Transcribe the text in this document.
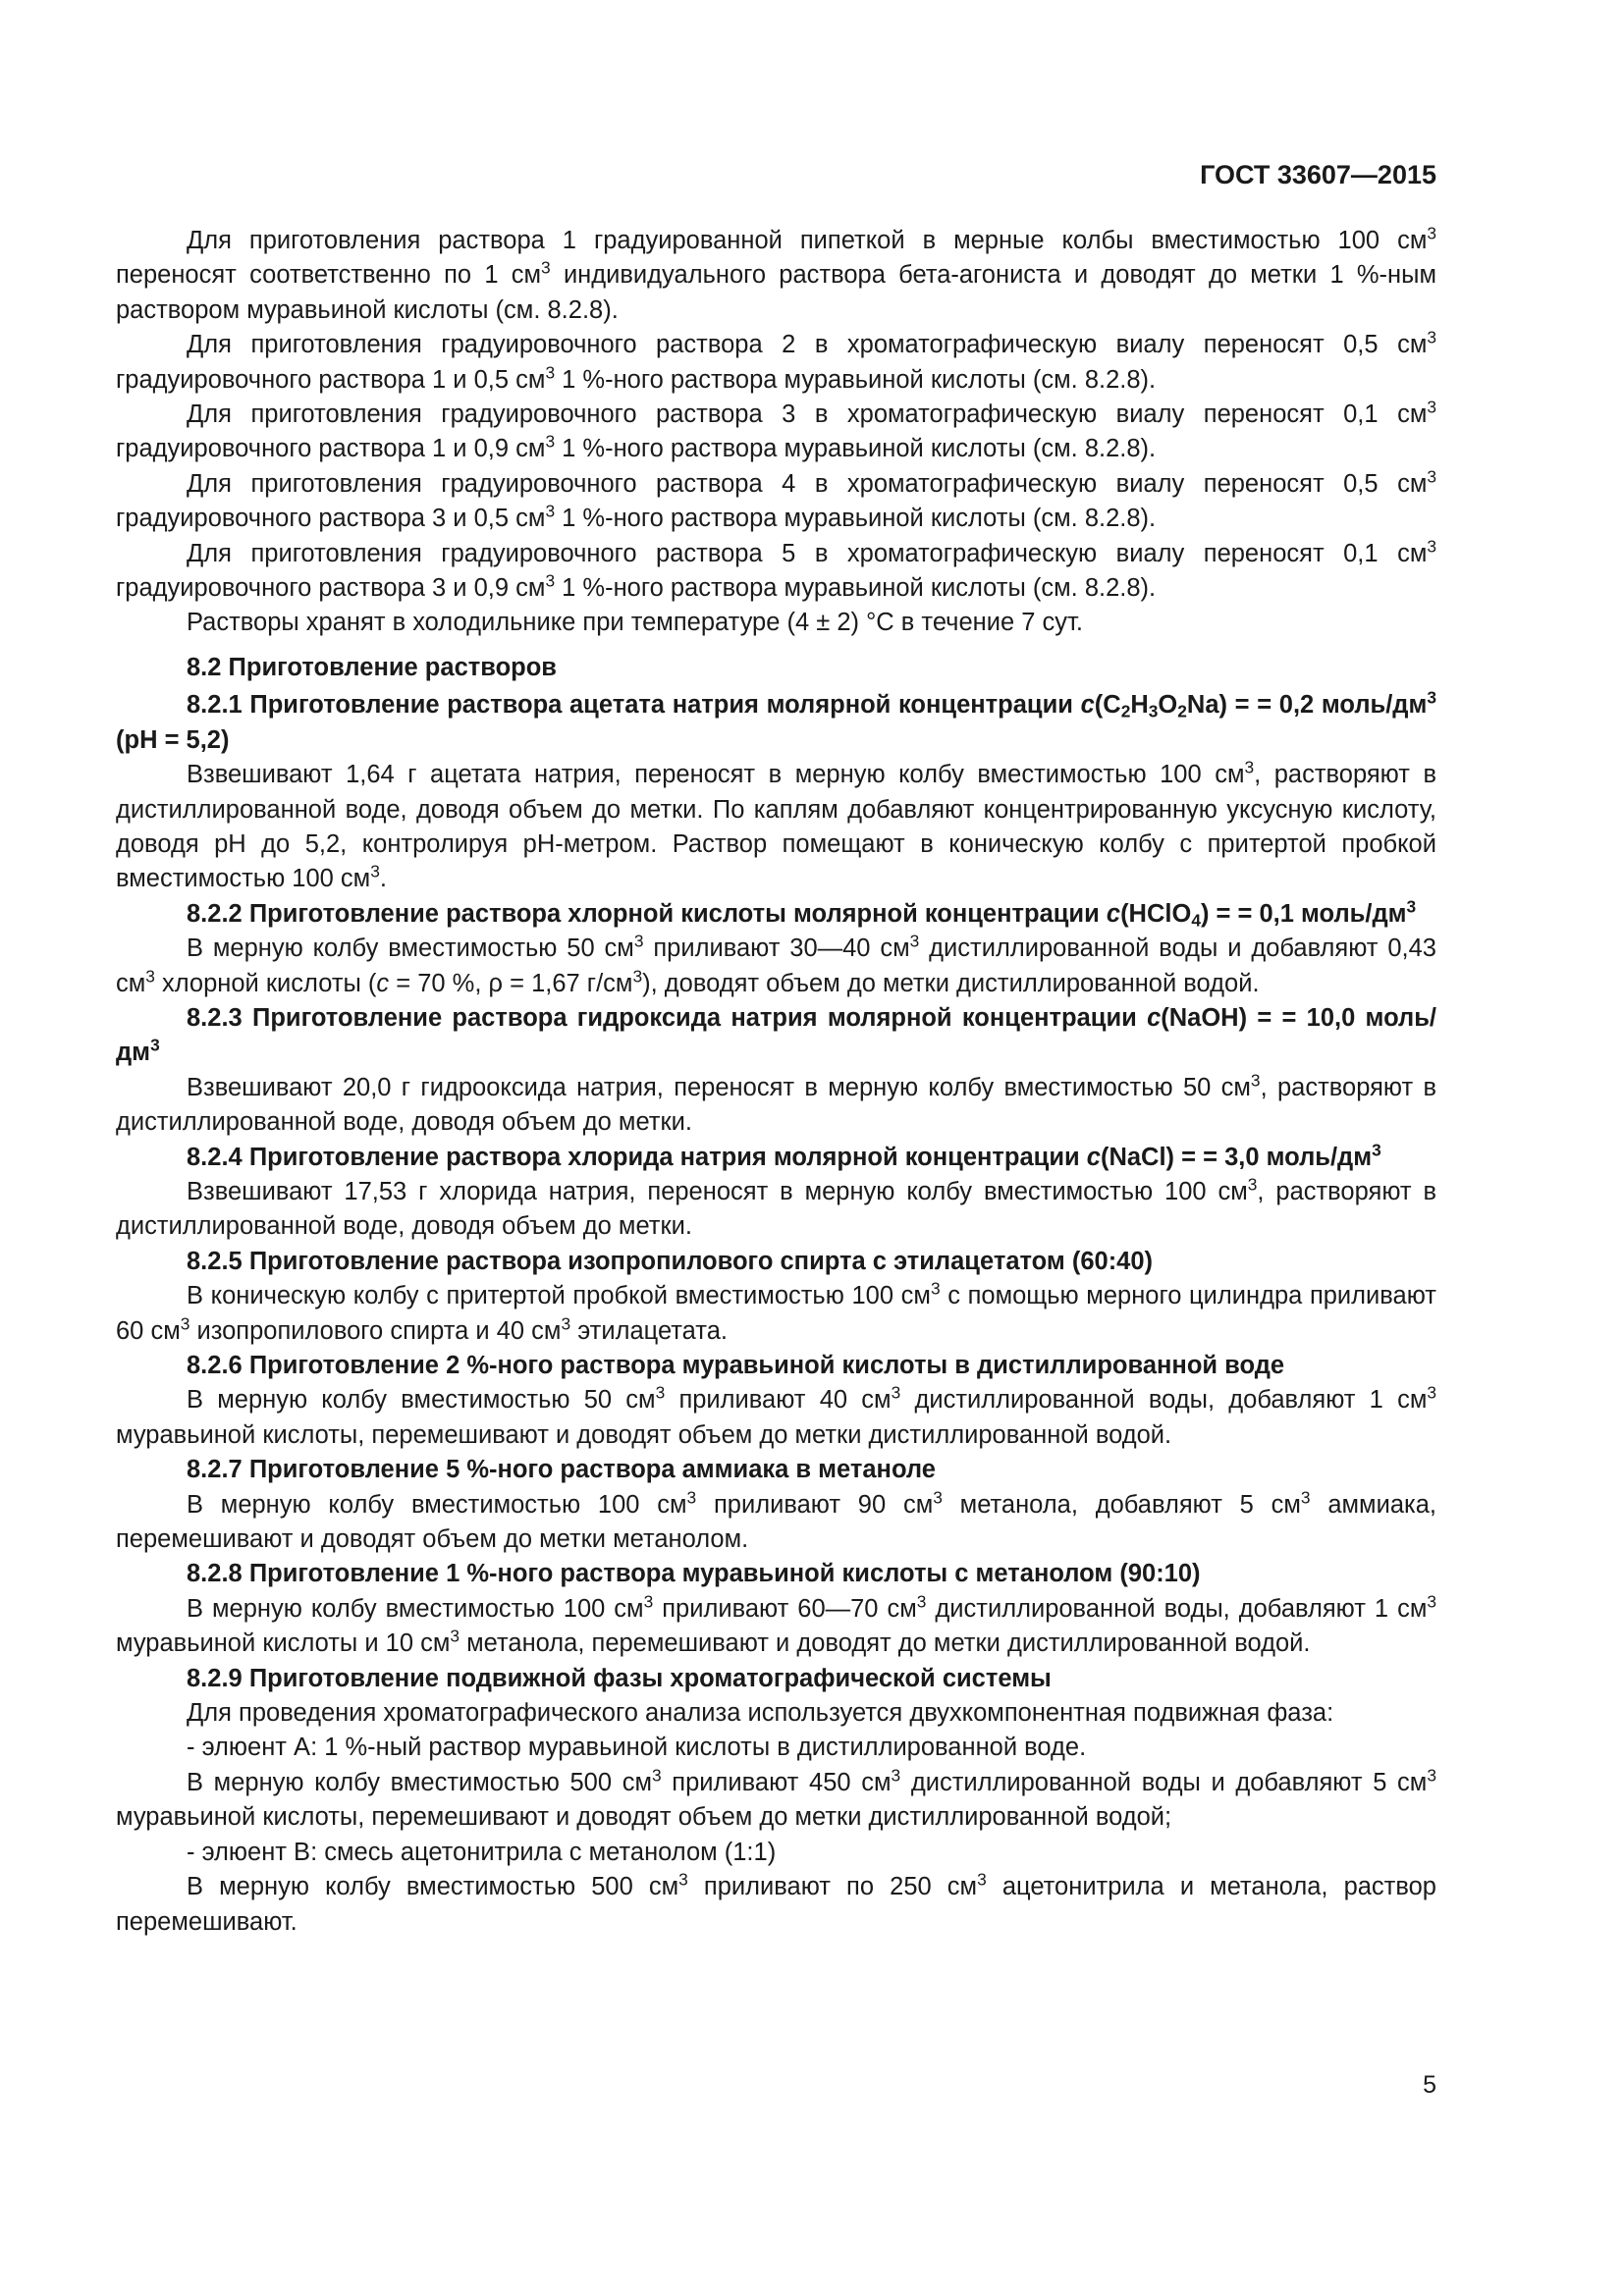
ГОСТ 33607—2015

Для приготовления раствора 1 градуированной пипеткой в мерные колбы вместимостью 100 $см^3$ переносят соответственно по 1 $см^3$ индивидуального раствора бета-агониста и доводят до метки 1 %-ным раствором муравьиной кислоты (см. 8.2.8).

Для приготовления градуировочного раствора 2 в хроматографическую виалу переносят 0,5 $см^3$ градуировочного раствора 1 и 0,5 $см^3$ 1 %-ного раствора муравьиной кислоты (см. 8.2.8).

Для приготовления градуировочного раствора 3 в хроматографическую виалу переносят 0,1 $см^3$ градуировочного раствора 1 и 0,9 $см^3$ 1 %-ного раствора муравьиной кислоты (см. 8.2.8).

Для приготовления градуировочного раствора 4 в хроматографическую виалу переносят 0,5 $см^3$ градуировочного раствора 3 и 0,5 $см^3$ 1 %-ного раствора муравьиной кислоты (см. 8.2.8).

Для приготовления градуировочного раствора 5 в хроматографическую виалу переносят 0,1 $см^3$ градуировочного раствора 3 и 0,9 $см^3$ 1 %-ного раствора муравьиной кислоты (см. 8.2.8).

Растворы хранят в холодильнике при температуре (4 ± 2) °С в течение 7 сут.

8.2 Приготовление растворов

8.2.1 Приготовление раствора ацетата натрия молярной концентрации $c(C_2H_3O_2Na)$ = = 0,2 моль/$дм^3$ (pH = 5,2)

Взвешивают 1,64 г ацетата натрия, переносят в мерную колбу вместимостью 100 $см^3$, растворяют в дистиллированной воде, доводя объем до метки. По каплям добавляют концентрированную уксусную кислоту, доводя pH до 5,2, контролируя pH-метром. Раствор помещают в коническую колбу с притертой пробкой вместимостью 100 $см^3$.

8.2.2 Приготовление раствора хлорной кислоты молярной концентрации c(HClO$_4$) = = 0,1 моль/$дм^3$

В мерную колбу вместимостью 50 $см^3$ приливают 30—40 $см^3$ дистиллированной воды и добавляют 0,43 $см^3$ хлорной кислоты (c = 70 %, ρ = 1,67 $г/см^3$), доводят объем до метки дистиллированной водой.

8.2.3 Приготовление раствора гидроксида натрия молярной концентрации c(NaOH) = = 10,0 моль/$дм^3$

Взвешивают 20,0 г гидрооксида натрия, переносят в мерную колбу вместимостью 50 $см^3$, растворяют в дистиллированной воде, доводя объем до метки.

8.2.4 Приготовление раствора хлорида натрия молярной концентрации c(NaCl) = = 3,0 моль/$дм^3$

Взвешивают 17,53 г хлорида натрия, переносят в мерную колбу вместимостью 100 $см^3$, растворяют в дистиллированной воде, доводя объем до метки.

8.2.5 Приготовление раствора изопропилового спирта с этилацетатом (60:40)

В коническую колбу с притертой пробкой вместимостью 100 $см^3$ с помощью мерного цилиндра приливают 60 $см^3$ изопропилового спирта и 40 $см^3$ этилацетата.

8.2.6 Приготовление 2 %-ного раствора муравьиной кислоты в дистиллированной воде

В мерную колбу вместимостью 50 $см^3$ приливают 40 $см^3$ дистиллированной воды, добавляют 1 $см^3$ муравьиной кислоты, перемешивают и доводят объем до метки дистиллированной водой.

8.2.7 Приготовление 5 %-ного раствора аммиака в метаноле

В мерную колбу вместимостью 100 $см^3$ приливают 90 $см^3$ метанола, добавляют 5 $см^3$ аммиака, перемешивают и доводят объем до метки метанолом.

8.2.8 Приготовление 1 %-ного раствора муравьиной кислоты с метанолом (90:10)

В мерную колбу вместимостью 100 $см^3$ приливают 60—70 $см^3$ дистиллированной воды, добавляют 1 $см^3$ муравьиной кислоты и 10 $см^3$ метанола, перемешивают и доводят до метки дистиллированной водой.

8.2.9 Приготовление подвижной фазы хроматографической системы

Для проведения хроматографического анализа используется двухкомпонентная подвижная фаза:

- элюент А: 1 %-ный раствор муравьиной кислоты в дистиллированной воде.

В мерную колбу вместимостью 500 $см^3$ приливают 450 $см^3$ дистиллированной воды и добавляют 5 $см^3$ муравьиной кислоты, перемешивают и доводят объем до метки дистиллированной водой;

- элюент В: смесь ацетонитрила с метанолом (1:1)

В мерную колбу вместимостью 500 $см^3$ приливают по 250 $см^3$ ацетонитрила и метанола, раствор перемешивают.

5
